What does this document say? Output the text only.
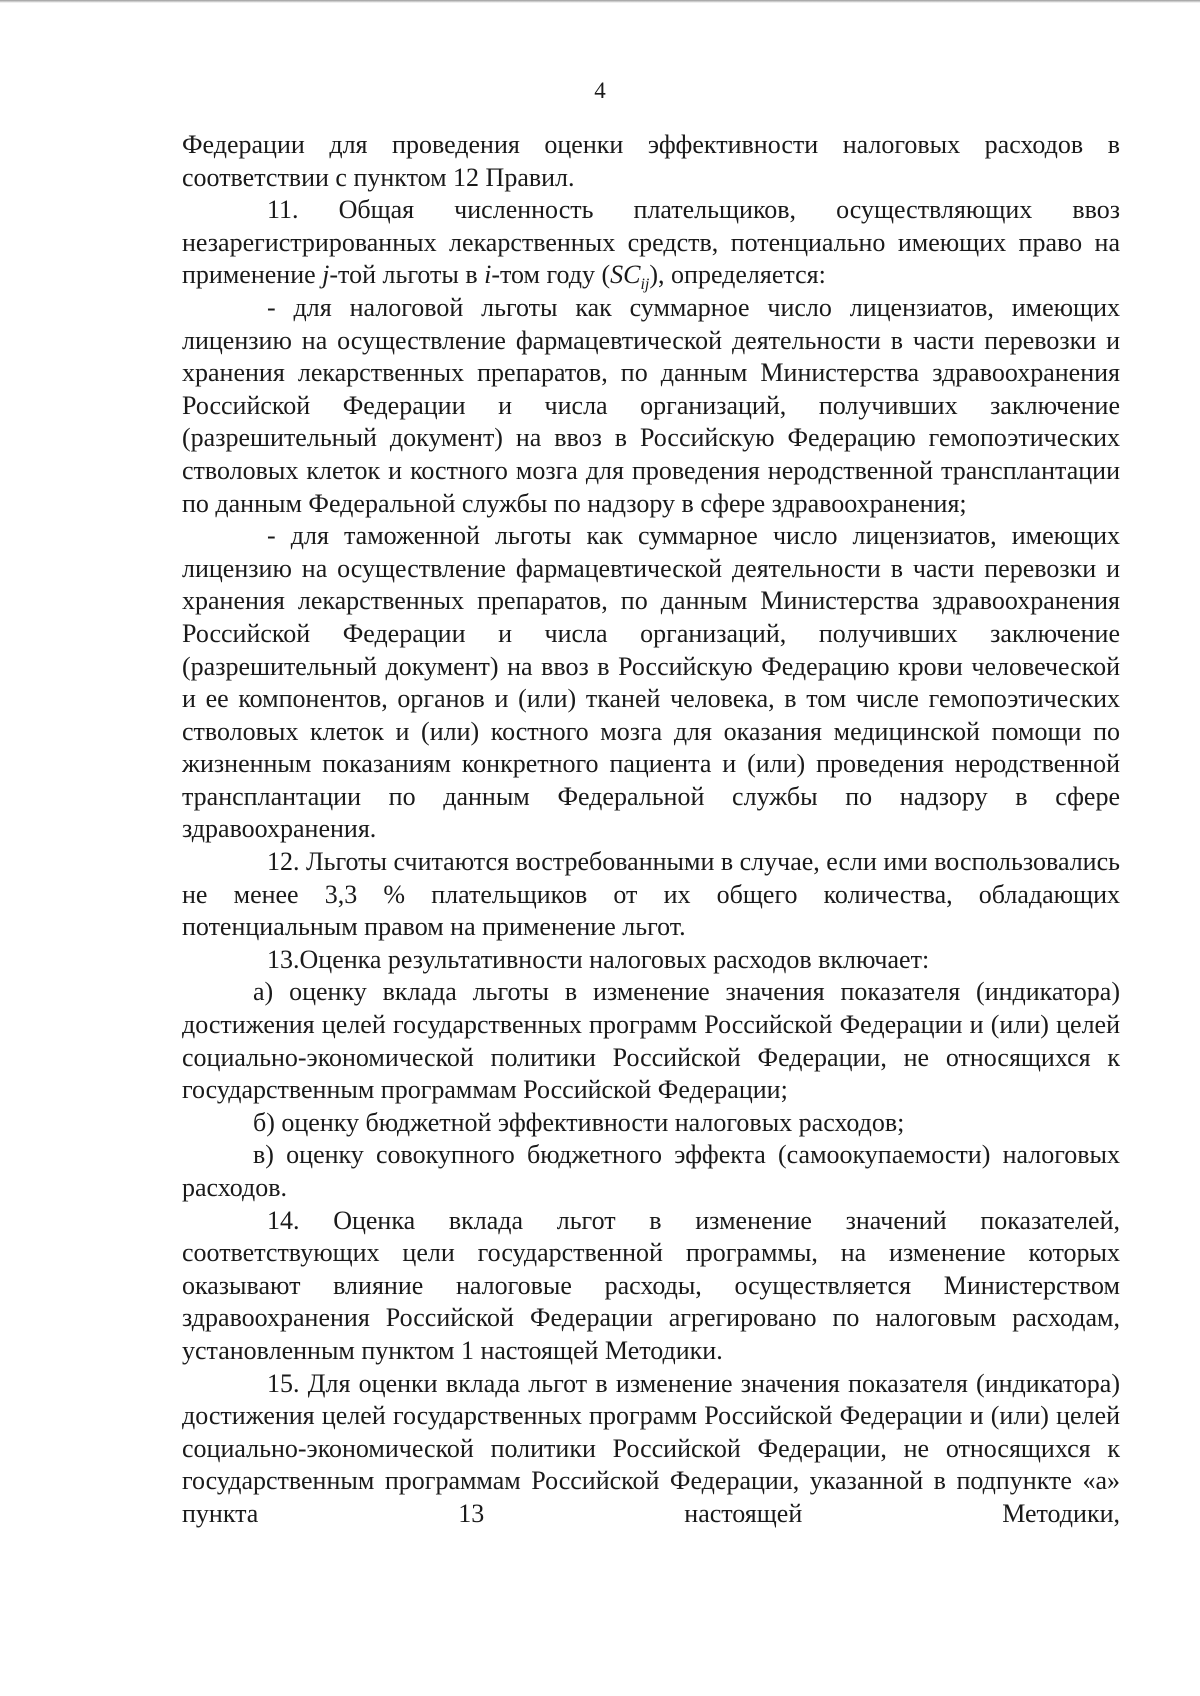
4

Федерации для проведения оценки эффективности налоговых расходов в соответствии с пунктом 12 Правил.

11. Общая численность плательщиков, осуществляющих ввоз незарегистрированных лекарственных средств, потенциально имеющих право на применение j-той льготы в i-том году $(SC_{ij})$, определяется:

- для налоговой льготы как суммарное число лицензиатов, имеющих лицензию на осуществление фармацевтической деятельности в части перевозки и хранения лекарственных препаратов, по данным Министерства здравоохранения Российской Федерации и числа организаций, получивших заключение (разрешительный документ) на ввоз в Российскую Федерацию гемопоэтических стволовых клеток и костного мозга для проведения неродственной трансплантации по данным Федеральной службы по надзору в сфере здравоохранения;

- для таможенной льготы как суммарное число лицензиатов, имеющих лицензию на осуществление фармацевтической деятельности в части перевозки и хранения лекарственных препаратов, по данным Министерства здравоохранения Российской Федерации и числа организаций, получивших заключение (разрешительный документ) на ввоз в Российскую Федерацию крови человеческой и ее компонентов, органов и (или) тканей человека, в том числе гемопоэтических стволовых клеток и (или) костного мозга для оказания медицинской помощи по жизненным показаниям конкретного пациента и (или) проведения неродственной трансплантации по данным Федеральной службы по надзору в сфере здравоохранения.

12. Льготы считаются востребованными в случае, если ими воспользовались не менее 3,3 % плательщиков от их общего количества, обладающих потенциальным правом на применение льгот.

13.Оценка результативности налоговых расходов включает:

а) оценку вклада льготы в изменение значения показателя (индикатора) достижения целей государственных программ Российской Федерации и (или) целей социально-экономической политики Российской Федерации, не относящихся к государственным программам Российской Федерации;

б) оценку бюджетной эффективности налоговых расходов;

в) оценку совокупного бюджетного эффекта (самоокупаемости) налоговых расходов.

14. Оценка вклада льгот в изменение значений показателей, соответствующих цели государственной программы, на изменение которых оказывают влияние налоговые расходы, осуществляется Министерством здравоохранения Российской Федерации агрегировано по налоговым расходам, установленным пунктом 1 настоящей Методики.

15. Для оценки вклада льгот в изменение значения показателя (индикатора) достижения целей государственных программ Российской Федерации и (или) целей социально-экономической политики Российской Федерации, не относящихся к государственным программам Российской Федерации, указанной в подпункте «а» пункта 13 настоящей Методики,
